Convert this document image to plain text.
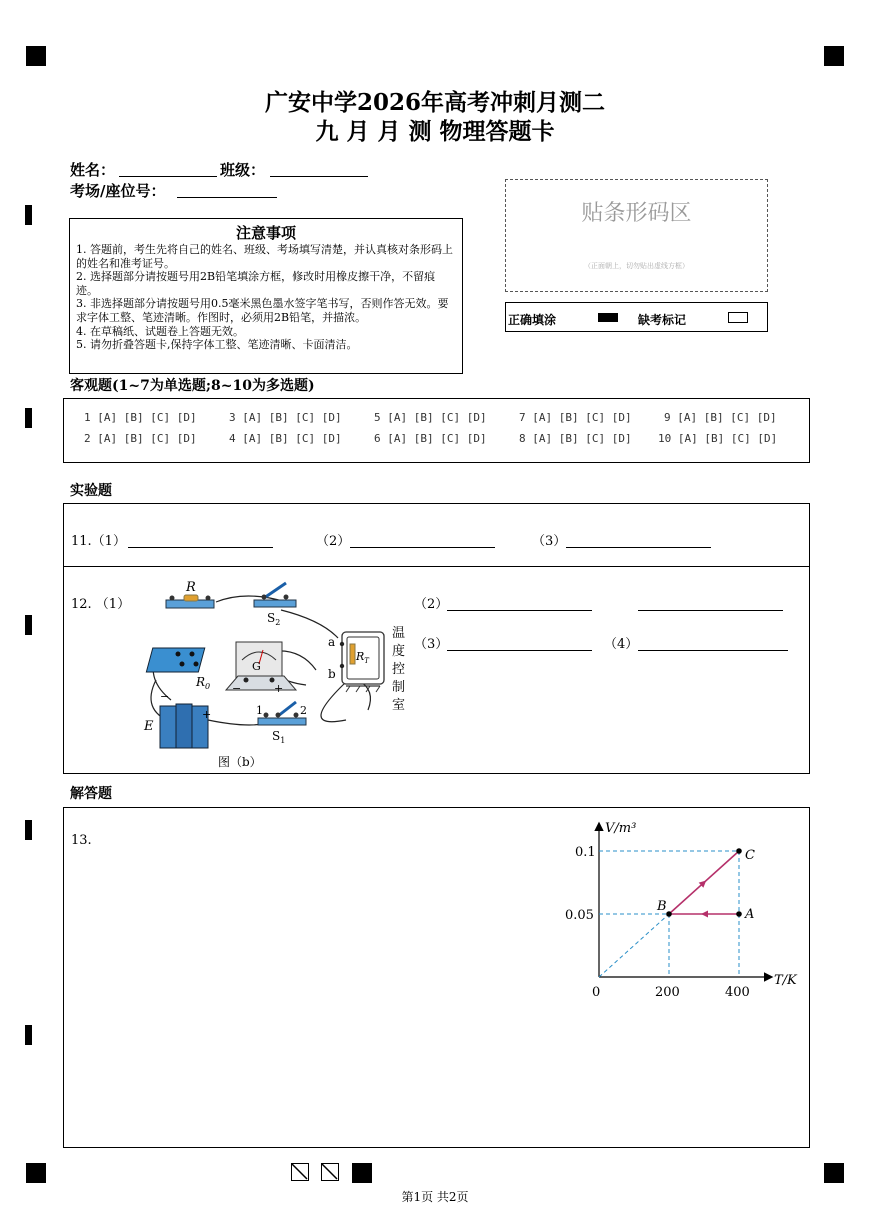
广安中学2026年高考冲刺月测二
九 月 月 测 物理答题卡
姓名：	班级：
考场/座位号：
注意事项
1. 答题前，考生先将自己的姓名、班级、考场填写清楚，并认真核对条形码上的姓名和准考证号。
2. 选择题部分请按题号用2B铅笔填涂方框，修改时用橡皮擦干净，不留痕迹。
3. 非选择题部分请按题号用0.5毫米黑色墨水签字笔书写，否则作答无效。要求字体工整、笔迹清晰。作图时，必须用2B铅笔，并描浓。
4. 在草稿纸、试题卷上答题无效。
5. 请勿折叠答题卡,保持字体工整、笔迹清晰、卡面清洁。
贴条形码区
（正面朝上，切勿贴出虚线方框）
正确填涂	缺考标记
客观题(1~7为单选题;8~10为多选题)
1 [A] [B] [C] [D]	3 [A] [B] [C] [D]	5 [A] [B] [C] [D]	7 [A] [B] [C] [D]	9 [A] [B] [C] [D]
2 [A] [B] [C] [D]	4 [A] [B] [C] [D]	6 [A] [B] [C] [D]	8 [A] [B] [C] [D] 10 [A] [B] [C] [D]
实验题
11.（1）	（2）	（3）
12. （1）	（2）
（3）	（4）
R
$S_2$
$R_0$
G
−	+
E
−
+	1	2
$S_1$
a
b
$R_T$
温
度
控
制
室
图（b）
解答题
13.
A
B
C
V/m³
T/K
0
0.05
0.1
200	400
第1页 共2页
